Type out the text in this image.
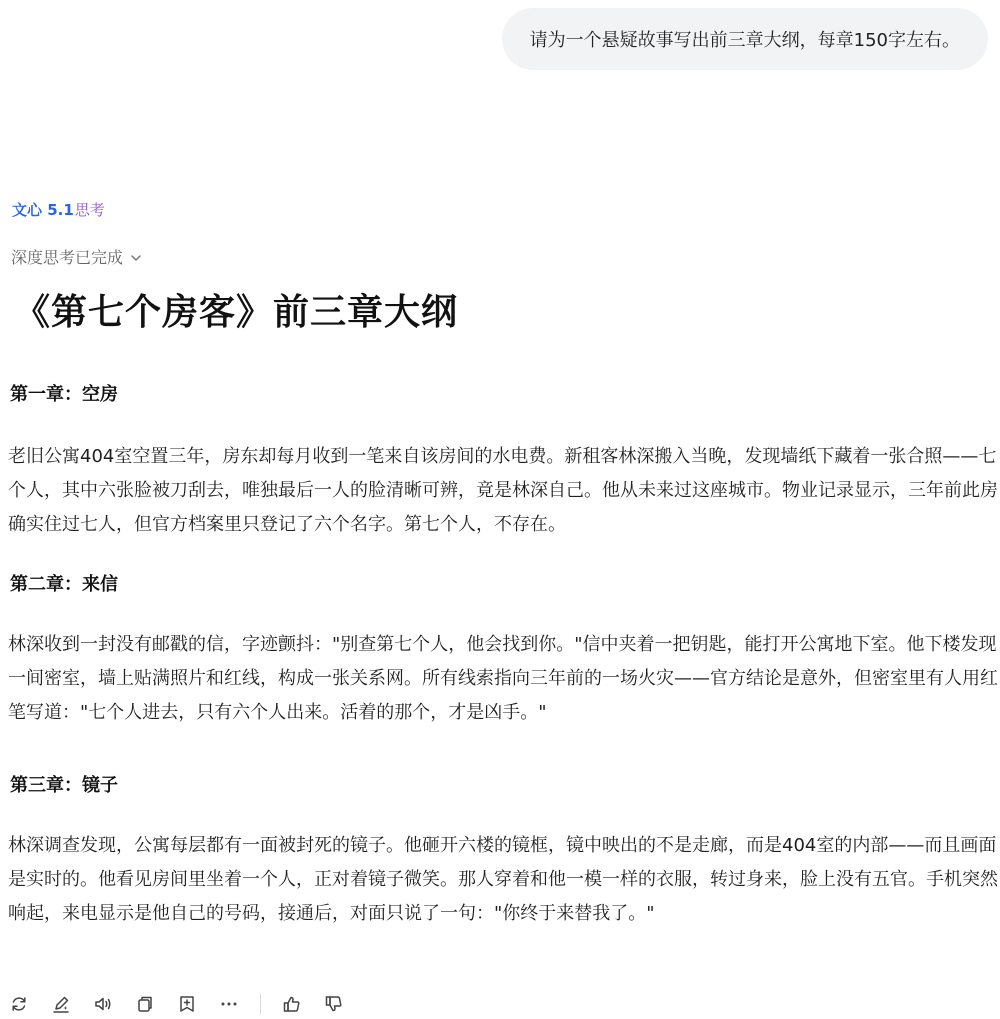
请为一个悬疑故事写出前三章大纲，每章150字左右。
文心 5.1 思考
深度思考已完成
《第七个房客》前三章大纲
第一章：空房

老旧公寓404室空置三年，房东却每月收到一笔来自该房间的水电费。新租客林深搬入当晚，发现墙纸下藏着一张合照——七个人，其中六张脸被刀刮去，唯独最后一人的脸清晰可辨，竟是林深自己。他从未来过这座城市。物业记录显示，三年前此房确实住过七人，但官方档案里只登记了六个名字。第七个人，不存在。

第二章：来信

林深收到一封没有邮戳的信，字迹颤抖："别查第七个人，他会找到你。"信中夹着一把钥匙，能打开公寓地下室。他下楼发现一间密室，墙上贴满照片和红线，构成一张关系网。所有线索指向三年前的一场火灾——官方结论是意外，但密室里有人用红笔写道："七个人进去，只有六个人出来。活着的那个，才是凶手。"

第三章：镜子

林深调查发现，公寓每层都有一面被封死的镜子。他砸开六楼的镜框，镜中映出的不是走廊，而是404室的内部——而且画面是实时的。他看见房间里坐着一个人，正对着镜子微笑。那人穿着和他一模一样的衣服，转过身来，脸上没有五官。手机突然响起，来电显示是他自己的号码，接通后，对面只说了一句："你终于来替我了。"
